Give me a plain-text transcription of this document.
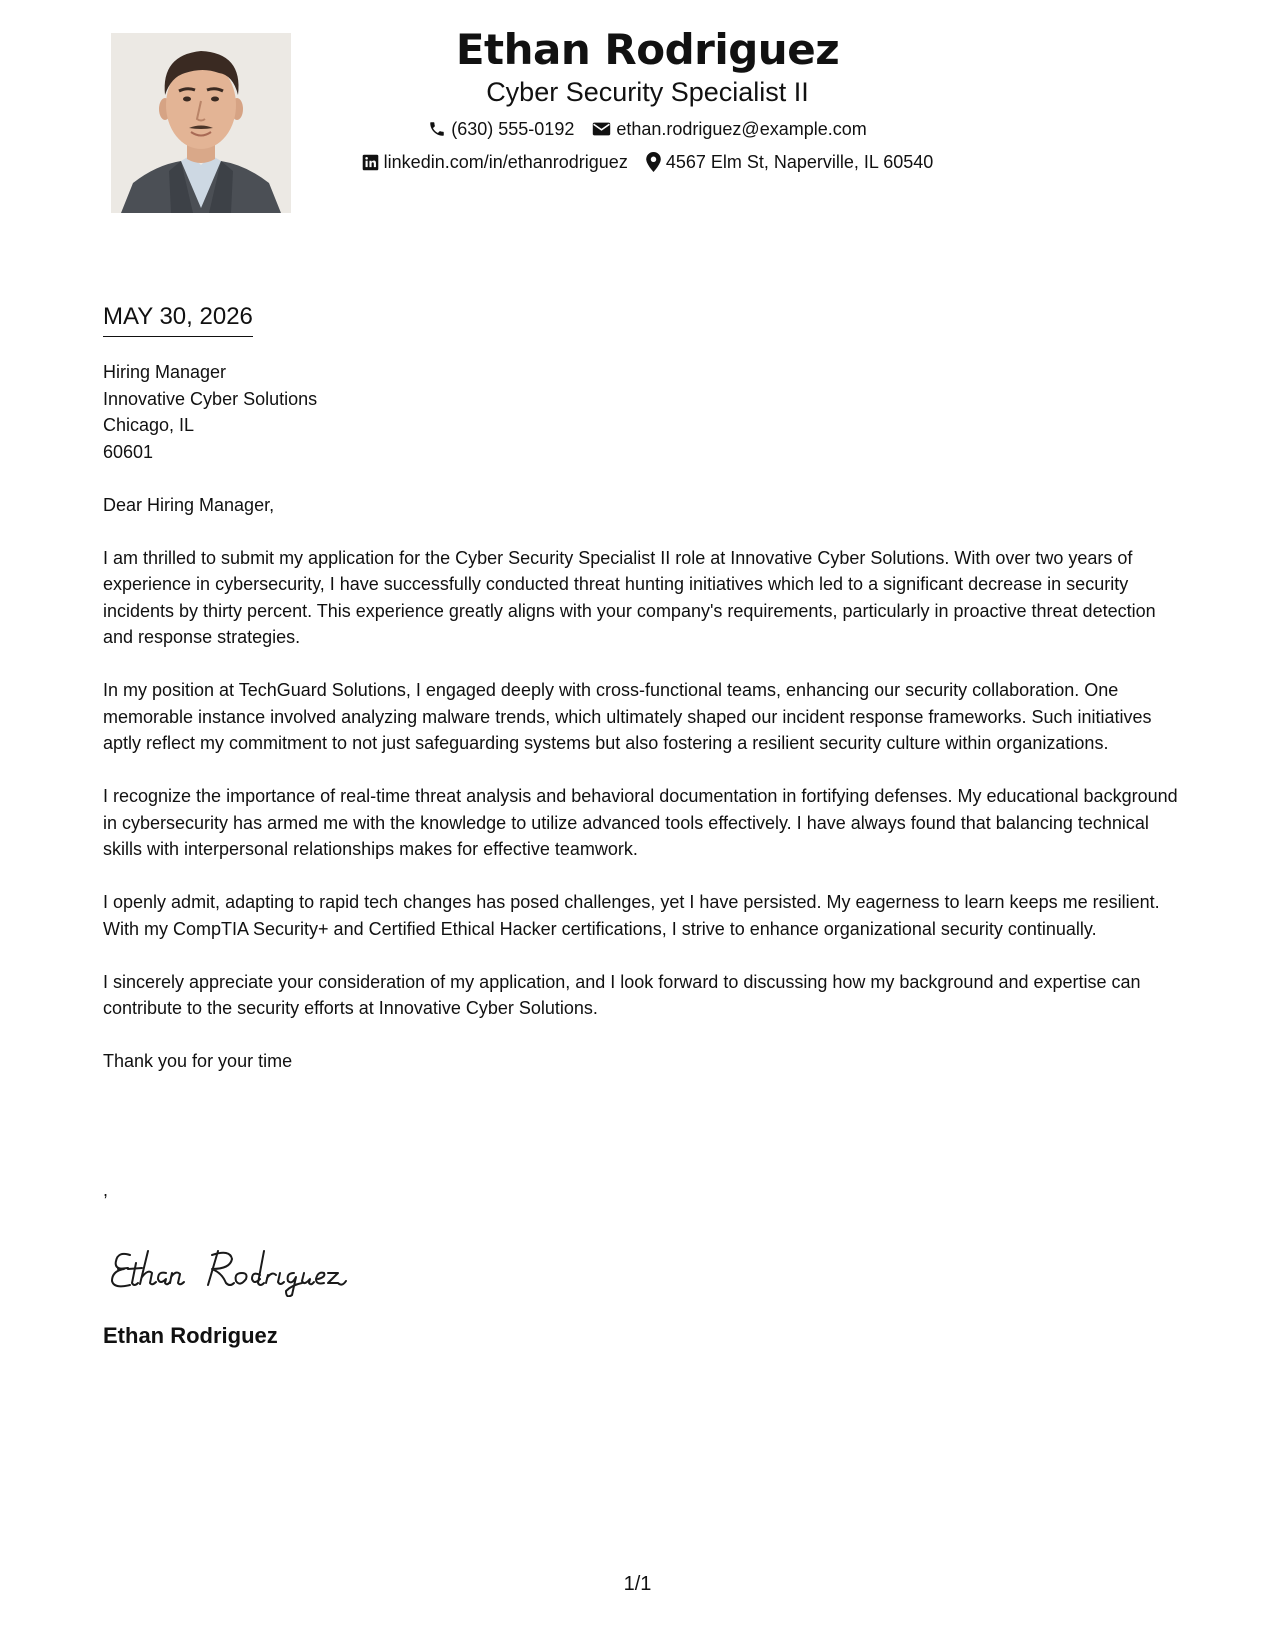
Ethan Rodriguez
Cyber Security Specialist II
(630) 555-0192 ethan.rodriguez@example.com
linkedin.com/in/ethanrodriguez 4567 Elm St, Naperville, IL 60540
MAY 30, 2026

Hiring Manager

Innovative Cyber Solutions

Chicago, IL

60601

Dear Hiring Manager,

I am thrilled to submit my application for the Cyber Security Specialist II role at Innovative Cyber Solutions. With over two years of experience in cybersecurity, I have successfully conducted threat hunting initiatives which led to a significant decrease in security incidents by thirty percent. This experience greatly aligns with your company's requirements, particularly in proactive threat detection and response strategies.

In my position at TechGuard Solutions, I engaged deeply with cross-functional teams, enhancing our security collaboration. One memorable instance involved analyzing malware trends, which ultimately shaped our incident response frameworks. Such initiatives aptly reflect my commitment to not just safeguarding systems but also fostering a resilient security culture within organizations.

I recognize the importance of real-time threat analysis and behavioral documentation in fortifying defenses. My educational background in cybersecurity has armed me with the knowledge to utilize advanced tools effectively. I have always found that balancing technical skills with interpersonal relationships makes for effective teamwork.

I openly admit, adapting to rapid tech changes has posed challenges, yet I have persisted. My eagerness to learn keeps me resilient. With my CompTIA Security+ and Certified Ethical Hacker certifications, I strive to enhance organizational security continually.

I sincerely appreciate your consideration of my application, and I look forward to discussing how my background and expertise can contribute to the security efforts at Innovative Cyber Solutions.

Thank you for your time

,
Ethan Rodriguez
1/1
